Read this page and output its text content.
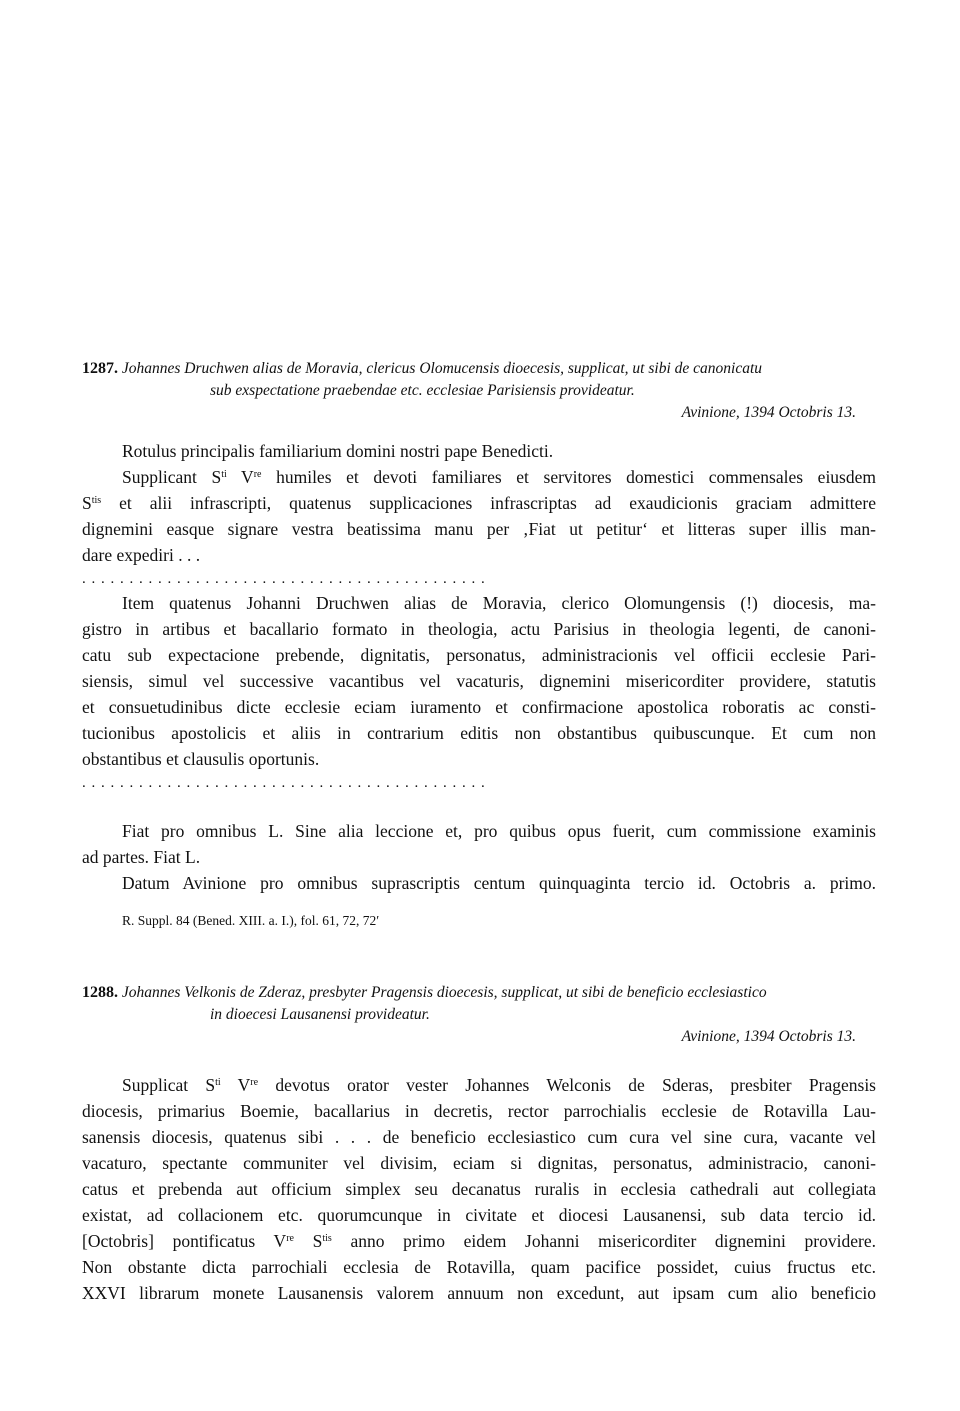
1287. Johannes Druchwen alias de Moravia, clericus Olomucensis dioecesis, supplicat, ut sibi de canonicatu
sub exspectatione praebendae etc. ecclesiae Parisiensis provideatur.
Avinione, 1394 Octobris 13.
Rotulus principalis familiarium domini nostri pape Benedicti.
Supplicant $S^{ti}$ Vre humiles et devoti familiares et servitores domestici commensales eiusdem
$S^{tis}$ et alii infrascripti, quatenus supplicaciones infrascriptas ad exaudicionis graciam admittere
dignemini easque signare vestra beatissima manu per ‚Fiat ut petitur‘ et litteras super illis man-
dare expediri . . .
. . . . . . . . . . . . . . . . . . . . . . . . . . . . . . . . . . . . . . . . . . .
Item quatenus Johanni Druchwen alias de Moravia, clerico Olomungensis (!) diocesis, ma-
gistro in artibus et bacallario formato in theologia, actu Parisius in theologia legenti, de canoni-
catu sub expectacione prebende, dignitatis, personatus, administracionis vel officii ecclesie Pari-
siensis, simul vel successive vacantibus vel vacaturis, dignemini misericorditer providere, statutis
et consuetudinibus dicte ecclesie eciam iuramento et confirmacione apostolica roboratis ac consti-
tucionibus apostolicis et aliis in contrarium editis non obstantibus quibuscunque. Et cum non
obstantibus et clausulis oportunis.
. . . . . . . . . . . . . . . . . . . . . . . . . . . . . . . . . . . . . . . . . . .
Fiat pro omnibus L. Sine alia leccione et, pro quibus opus fuerit, cum commissione examinis
ad partes. Fiat L.
Datum Avinione pro omnibus suprascriptis centum quinquaginta tercio id. Octobris a. primo.
R. Suppl. 84 (Bened. XIII. a. I.), fol. 61, 72, 72′
1288. Johannes Velkonis de Zderaz, presbyter Pragensis dioecesis, supplicat, ut sibi de beneficio ecclesiastico
in dioecesi Lausanensi provideatur.
Avinione, 1394 Octobris 13.
Supplicat $S^{ti}$ Vre devotus orator vester Johannes Welconis de Sderas, presbiter Pragensis
diocesis, primarius Boemie, bacallarius in decretis, rector parrochialis ecclesie de Rotavilla Lau-
sanensis diocesis, quatenus sibi . . . de beneficio ecclesiastico cum cura vel sine cura, vacante vel
vacaturo, spectante communiter vel divisim, eciam si dignitas, personatus, administracio, canoni-
catus et prebenda aut officium simplex seu decanatus ruralis in ecclesia cathedrali aut collegiata
existat, ad collacionem etc. quorumcunque in civitate et diocesi Lausanensi, sub data tercio id.
[Octobris] pontificatus Vre $S^{tis}$ anno primo eidem Johanni misericorditer dignemini providere.
Non obstante dicta parrochiali ecclesia de Rotavilla, quam pacifice possidet, cuius fructus etc.
XXVI librarum monete Lausanensis valorem annuum non excedunt, aut ipsam cum alio beneficio
